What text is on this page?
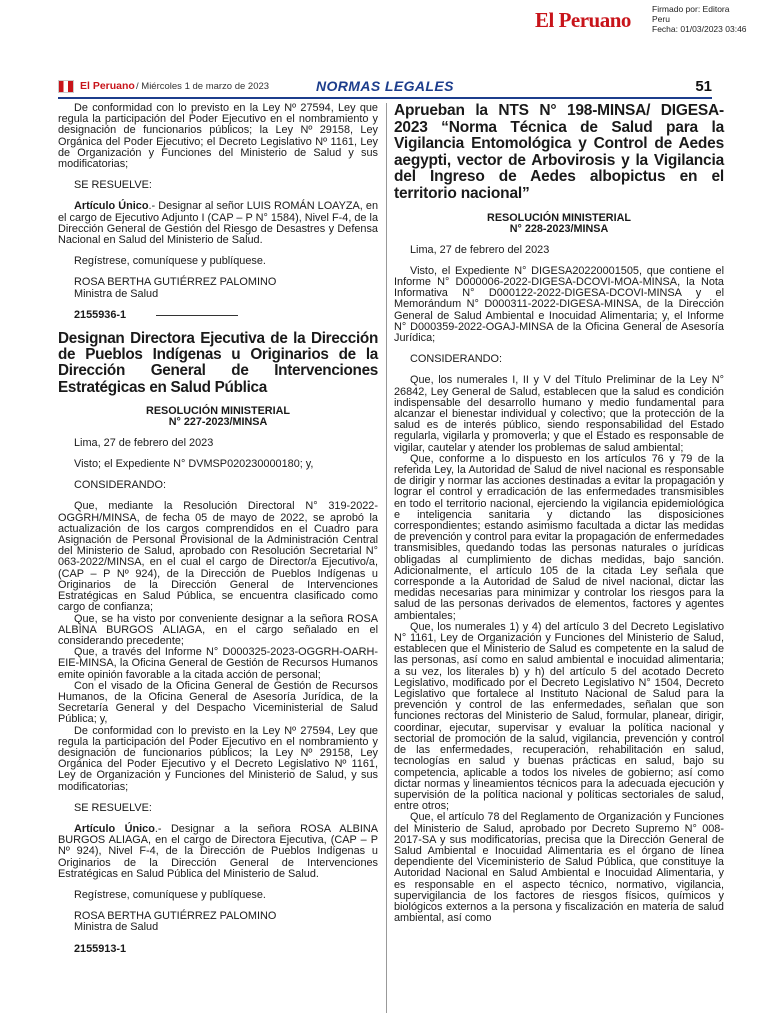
El Peruano Firmado por: Editora
Peru
Fecha: 01/03/2023 03:46
El Peruano / Miércoles 1 de marzo de 2023	NORMAS LEGALES	51

De conformidad con lo previsto en la Ley Nº 27594, Ley que regula la participación del Poder Ejecutivo en el nombramiento y designación de funcionarios públicos; la Ley Nº 29158, Ley Orgánica del Poder Ejecutivo; el Decreto Legislativo Nº 1161, Ley de Organización y Funciones del Ministerio de Salud y sus modificatorias;

SE RESUELVE:

Artículo Único.- Designar al señor LUIS ROMÁN LOAYZA, en el cargo de Ejecutivo Adjunto I (CAP – P N° 1584), Nivel F-4, de la Dirección General de Gestión del Riesgo de Desastres y Defensa Nacional en Salud del Ministerio de Salud.

Regístrese, comuníquese y publíquese.

ROSA BERTHA GUTIÉRREZ PALOMINO

Ministra de Salud

2155936-1
Designan Directora Ejecutiva de la Dirección de Pueblos Indígenas u Originarios de la Dirección General de Intervenciones Estratégicas en Salud Pública
RESOLUCIÓN MINISTERIAL
N° 227-2023/MINSA

Lima, 27 de febrero del 2023

Visto; el Expediente N° DVMSP020230000180; y,

CONSIDERANDO:

Que, mediante la Resolución Directoral N° 319-2022-OGGRH/MINSA, de fecha 05 de mayo de 2022, se aprobó la actualización de los cargos comprendidos en el Cuadro para Asignación de Personal Provisional de la Administración Central del Ministerio de Salud, aprobado con Resolución Secretarial N° 063-2022/MINSA, en el cual el cargo de Director/a Ejecutivo/a, (CAP – P Nº 924), de la Dirección de Pueblos Indígenas u Originarios de la Dirección General de Intervenciones Estratégicas en Salud Pública, se encuentra clasificado como cargo de confianza;

Que, se ha visto por conveniente designar a la señora ROSA ALBINA BURGOS ALIAGA, en el cargo señalado en el considerando precedente;

Que, a través del Informe N° D000325-2023-OGGRH-OARH-EIE-MINSA, la Oficina General de Gestión de Recursos Humanos emite opinión favorable a la citada acción de personal;

Con el visado de la Oficina General de Gestión de Recursos Humanos, de la Oficina General de Asesoría Jurídica, de la Secretaría General y del Despacho Viceministerial de Salud Pública; y,

De conformidad con lo previsto en la Ley Nº 27594, Ley que regula la participación del Poder Ejecutivo en el nombramiento y designación de funcionarios públicos; la Ley Nº 29158, Ley Orgánica del Poder Ejecutivo y el Decreto Legislativo Nº 1161, Ley de Organización y Funciones del Ministerio de Salud, y sus modificatorias;

SE RESUELVE:

Artículo Único.- Designar a la señora ROSA ALBINA BURGOS ALIAGA, en el cargo de Directora Ejecutiva, (CAP – P Nº 924), Nivel F-4, de la Dirección de Pueblos Indígenas u Originarios de la Dirección General de Intervenciones Estratégicas en Salud Pública del Ministerio de Salud.

Regístrese, comuníquese y publíquese.

ROSA BERTHA GUTIÉRREZ PALOMINO

Ministra de Salud

2155913-1

Aprueban la NTS N° 198-MINSA/ DIGESA-2023 “Norma Técnica de Salud para la Vigilancia Entomológica y Control de Aedes aegypti, vector de Arbovirosis y la Vigilancia del Ingreso de Aedes albopictus en el territorio nacional”
RESOLUCIÓN MINISTERIAL
N° 228-2023/MINSA

Lima, 27 de febrero del 2023

Visto, el Expediente N° DIGESA20220001505, que contiene el Informe N° D000006-2022-DIGESA-DCOVI-MOA-MINSA, la Nota Informativa N° D000122-2022-DIGESA-DCOVI-MINSA y el Memorándum N° D000311-2022-DIGESA-MINSA, de la Dirección General de Salud Ambiental e Inocuidad Alimentaria; y, el Informe N° D000359-2022-OGAJ-MINSA de la Oficina General de Asesoría Jurídica;

CONSIDERANDO:

Que, los numerales I, II y V del Título Preliminar de la Ley N° 26842, Ley General de Salud, establecen que la salud es condición indispensable del desarrollo humano y medio fundamental para alcanzar el bienestar individual y colectivo; que la protección de la salud es de interés público, siendo responsabilidad del Estado regularla, vigilarla y promoverla; y que el Estado es responsable de vigilar, cautelar y atender los problemas de salud ambiental;

Que, conforme a lo dispuesto en los artículos 76 y 79 de la referida Ley, la Autoridad de Salud de nivel nacional es responsable de dirigir y normar las acciones destinadas a evitar la propagación y lograr el control y erradicación de las enfermedades transmisibles en todo el territorio nacional, ejerciendo la vigilancia epidemiológica e inteligencia sanitaria y dictando las disposiciones correspondientes; estando asimismo facultada a dictar las medidas de prevención y control para evitar la propagación de enfermedades transmisibles, quedando todas las personas naturales o jurídicas obligadas al cumplimiento de dichas medidas, bajo sanción. Adicionalmente, el artículo 105 de la citada Ley señala que corresponde a la Autoridad de Salud de nivel nacional, dictar las medidas necesarias para minimizar y controlar los riesgos para la salud de las personas derivados de elementos, factores y agentes ambientales;

Que, los numerales 1) y 4) del artículo 3 del Decreto Legislativo N° 1161, Ley de Organización y Funciones del Ministerio de Salud, establecen que el Ministerio de Salud es competente en la salud de las personas, así como en salud ambiental e inocuidad alimentaria; a su vez, los literales b) y h) del artículo 5 del acotado Decreto Legislativo, modificado por el Decreto Legislativo N° 1504, Decreto Legislativo que fortalece al Instituto Nacional de Salud para la prevención y control de las enfermedades, señalan que son funciones rectoras del Ministerio de Salud, formular, planear, dirigir, coordinar, ejecutar, supervisar y evaluar la política nacional y sectorial de promoción de la salud, vigilancia, prevención y control de las enfermedades, recuperación, rehabilitación en salud, tecnologías en salud y buenas prácticas en salud, bajo su competencia, aplicable a todos los niveles de gobierno; así como dictar normas y lineamientos técnicos para la adecuada ejecución y supervisión de la política nacional y políticas sectoriales de salud, entre otros;

Que, el artículo 78 del Reglamento de Organización y Funciones del Ministerio de Salud, aprobado por Decreto Supremo N° 008-2017-SA y sus modificatorias, precisa que la Dirección General de Salud Ambiental e Inocuidad Alimentaria es el órgano de línea dependiente del Viceministerio de Salud Pública, que constituye la Autoridad Nacional en Salud Ambiental e Inocuidad Alimentaria, y es responsable en el aspecto técnico, normativo, vigilancia, supervigilancia de los factores de riesgos físicos, químicos y biológicos externos a la persona y fiscalización en materia de salud ambiental, así como
